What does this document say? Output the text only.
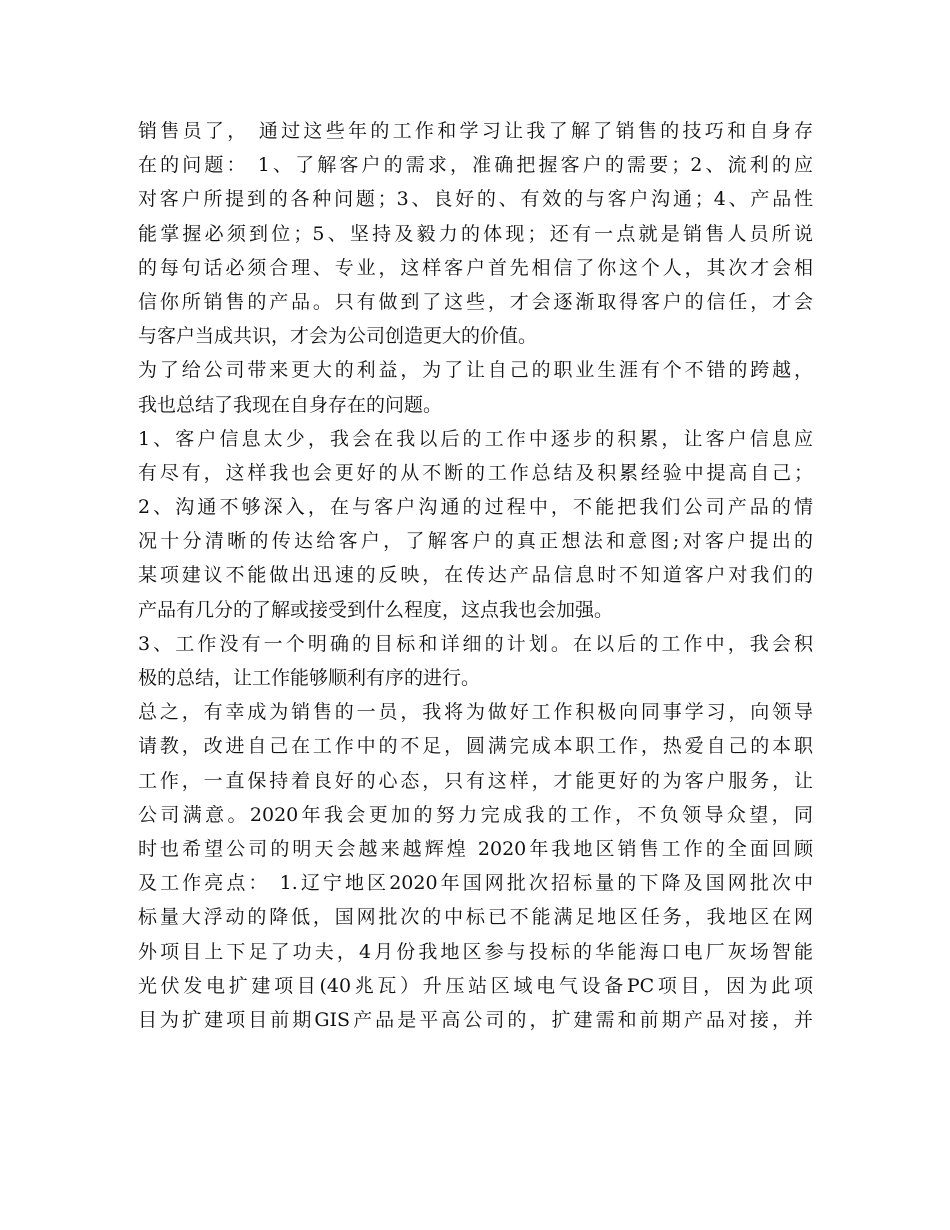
销售员了， 通过这些年的工作和学习让我了解了销售的技巧和自身存
在的问题： 1、了解客户的需求，准确把握客户的需要；2、流利的应
对客户所提到的各种问题；3、良好的、有效的与客户沟通；4、产品性
能掌握必须到位；5、坚持及毅力的体现；还有一点就是销售人员所说
的每句话必须合理、专业，这样客户首先相信了你这个人，其次才会相
信你所销售的产品。只有做到了这些，才会逐渐取得客户的信任，才会
与客户当成共识，才会为公司创造更大的价值。
为了给公司带来更大的利益，为了让自己的职业生涯有个不错的跨越，
我也总结了我现在自身存在的问题。
1、客户信息太少，我会在我以后的工作中逐步的积累，让客户信息应
有尽有，这样我也会更好的从不断的工作总结及积累经验中提高自己；
2、沟通不够深入，在与客户沟通的过程中，不能把我们公司产品的情
况十分清晰的传达给客户，了解客户的真正想法和意图;对客户提出的
某项建议不能做出迅速的反映，在传达产品信息时不知道客户对我们的
产品有几分的了解或接受到什么程度，这点我也会加强。
3、工作没有一个明确的目标和详细的计划。在以后的工作中，我会积
极的总结，让工作能够顺利有序的进行。
总之，有幸成为销售的一员，我将为做好工作积极向同事学习，向领导
请教，改进自己在工作中的不足，圆满完成本职工作，热爱自己的本职
工作，一直保持着良好的心态，只有这样，才能更好的为客户服务，让
公司满意。2020年我会更加的努力完成我的工作，不负领导众望，同
时也希望公司的明天会越来越辉煌 2020年我地区销售工作的全面回顾
及工作亮点： 1.辽宁地区2020年国网批次招标量的下降及国网批次中
标量大浮动的降低，国网批次的中标已不能满足地区任务，我地区在网
外项目上下足了功夫，4月份我地区参与投标的华能海口电厂灰场智能
光伏发电扩建项目(40兆瓦）升压站区域电气设备PC项目，因为此项
目为扩建项目前期GIS产品是平高公司的，扩建需和前期产品对接，并
